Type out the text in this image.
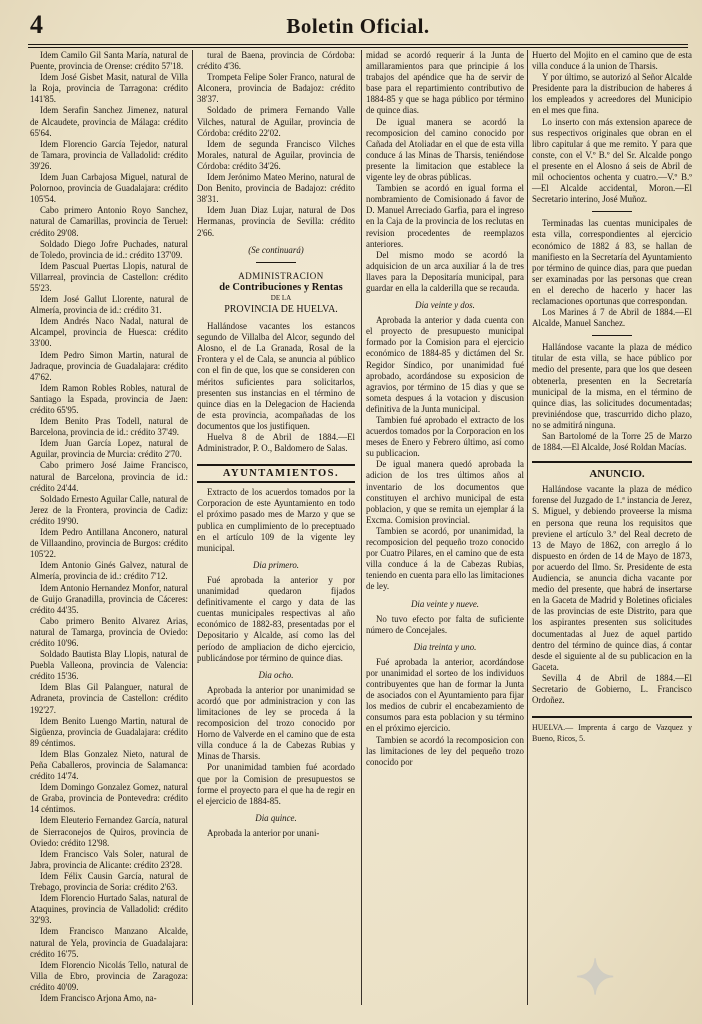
4	Boletin Oficial.

Idem Camilo Gil Santa María, natural de Puente, provincia de Orense: crédito 57'18.

Idem José Gisbet Masit, natural de Villa la Roja, provincia de Tarragona: crédito 141'85.

Idem Serafin Sanchez Jimenez, natural de Alcaudete, provincia de Málaga: crédito 65'64.

Idem Florencio García Tejedor, natural de Tamara, provincia de Valladolid: crédito 39'26.

Idem Juan Carbajosa Miguel, natural de Polornoo, provincia de Guadalajara: crédito 105'54.

Cabo primero Antonio Royo Sanchez, natural de Camarillas, provincia de Teruel: crédito 29'08.

Soldado Diego Jofre Puchades, natural de Toledo, provincia de id.: crédito 137'09.

Idem Pascual Puertas Llopis, natural de Villarreal, provincia de Castellon: crédito 55'23.

Idem José Gallut Llorente, natural de Almería, provincia de id.: crédito 31.

Idem Andrés Naco Nadal, natural de Alcampel, provincia de Huesca: crédito 33'00.

Idem Pedro Simon Martin, natural de Jadraque, provincia de Guadalajara: crédito 47'62.

Idem Ramon Robles Robles, natural de Santiago la Espada, provincia de Jaen: crédito 65'95.

Idem Benito Pras Todell, natural de Barcelona, provincia de id.: crédito 37'49.

Idem Juan García Lopez, natural de Aguilar, provincia de Murcia: crédito 2'70.

Cabo primero José Jaime Francisco, natural de Barcelona, provincia de id.: crédito 24'44.

Soldado Ernesto Aguilar Calle, natural de Jerez de la Frontera, provincia de Cadiz: crédito 19'90.

Idem Pedro Antillana Anconero, natural de Villaandino, provincia de Burgos: crédito 105'22.

Idem Antonio Ginés Galvez, natural de Almería, provincia de id.: crédito 7'12.

Idem Antonio Hernandez Monfor, natural de Guijo Granadilla, provincia de Cáceres: crédito 44'35.

Cabo primero Benito Alvarez Arias, natural de Tamarga, provincia de Oviedo: crédito 10'96.

Soldado Bautista Blay Llopis, natural de Puebla Valleona, provincia de Valencia: crédito 15'36.

Idem Blas Gil Palanguer, natural de Adraneta, provincia de Castellon: crédito 192'27.

Idem Benito Luengo Martin, natural de Sigüenza, provincia de Guadalajara: crédito 89 céntimos.

Idem Blas Gonzalez Nieto, natural de Peña Caballeros, provincia de Salamanca: crédito 14'74.

Idem Domingo Gonzalez Gomez, natural de Graba, provincia de Pontevedra: crédito 14 céntimos.

Idem Eleuterio Fernandez García, natural de Sierraconejos de Quiros, provincia de Oviedo: crédito 12'98.

Idem Francisco Vals Soler, natural de Jabra, provincia de Alicante: crédito 23'28.

Idem Félix Causin García, natural de Trebago, provincia de Soria: crédito 2'63.

Idem Florencio Hurtado Salas, natural de Ataquines, provincia de Valladolid: crédito 32'93.

Idem Francisco Manzano Alcalde, natural de Yela, provincia de Guadalajara: crédito 16'75.

Idem Florencio Nicolás Tello, natural de Villa de Ebro, provincia de Zaragoza: crédito 40'09.

Idem Francisco Arjona Amo, na-

tural de Baena, provincia de Córdoba: crédito 4'36.

Trompeta Felipe Soler Franco, natural de Alconera, provincia de Badajoz: crédito 38'37.

Soldado de primera Fernando Valle Vilches, natural de Aguilar, provincia de Córdoba: crédito 22'02.

Idem de segunda Francisco Vilches Morales, natural de Aguilar, provincia de Córdoba: crédito 34'26.

Idem Jerónimo Mateo Merino, natural de Don Benito, provincia de Badajoz: crédito 38'31.

Idem Juan Diaz Lujar, natural de Dos Hermanas, provincia de Sevilla: crédito 2'66.

(Se continuará)

ADMINISTRACION

de Contribuciones y Rentas

DE LA

PROVINCIA DE HUELVA.

Hallándose vacantes los estancos segundo de Villalba del Alcor, segundo del Alosno, el de La Granada, Rosal de la Frontera y el de Cala, se anuncia al público con el fin de que, los que se consideren con méritos suficientes para solicitarlos, presenten sus instancias en el término de quince dias en la Delegacion de Hacienda de esta provincia, acompañadas de los documentos que los justifiquen.

Huelva 8 de Abril de 1884.—El Administrador, P. O., Baldomero de Salas.

AYUNTAMIENTOS.

Extracto de los acuerdos tomados por la Corporacion de este Ayuntamiento en todo el próximo pasado mes de Marzo y que se publica en cumplimiento de lo preceptuado en el artículo 109 de la vigente ley municipal.

Dia primero.

Fué aprobada la anterior y por unanimidad quedaron fijados definitivamente el cargo y data de las cuentas municipales respectivas al año económico de 1882-83, presentadas por el Depositario y Alcalde, así como las del período de ampliacion de dicho ejercicio, publicándose por término de quince dias.

Dia ocho.

Aprobada la anterior por unanimidad se acordó que por administracion y con las limitaciones de ley se proceda á la recomposicion del trozo conocido por Horno de Valverde en el camino que de esta villa conduce á la de Cabezas Rubias y Minas de Tharsis.

Por unanimidad tambien fué acordado que por la Comision de presupuestos se forme el proyecto para el que ha de regir en el ejercicio de 1884-85.

Dia quince.

Aprobada la anterior por unani-

midad se acordó requerir á la Junta de amillaramientos para que principie á los trabajos del apéndice que ha de servir de base para el repartimiento contributivo de 1884-85 y que se haga público por término de quince dias.

De igual manera se acordó la recomposicion del camino conocido por Cañada del Atoliadar en el que de esta villa conduce á las Minas de Tharsis, teniéndose presente la limitacion que establece la vigente ley de obras públicas.

Tambien se acordó en igual forma el nombramiento de Comisionado á favor de D. Manuel Arreciado Garfia, para el ingreso en la Caja de la provincia de los reclutas en revision procedentes de reemplazos anteriores.

Del mismo modo se acordó la adquisicion de un arca auxiliar á la de tres llaves para la Depositaría municipal, para guardar en ella la calderilla que se recauda.

Dia veinte y dos.

Aprobada la anterior y dada cuenta con el proyecto de presupuesto municipal formado por la Comision para el ejercicio económico de 1884-85 y dictámen del Sr. Regidor Síndico, por unanimidad fué aprobado, acordándose su exposicion de agravios, por término de 15 dias y que se someta despues á la votacion y discusion definitiva de la Junta municipal.

Tambien fué aprobado el extracto de los acuerdos tomados por la Corporacion en los meses de Enero y Febrero último, así como su publicacion.

De igual manera quedó aprobada la adicion de los tres últimos años al inventario de los documentos que constituyen el archivo municipal de esta poblacion, y que se remita un ejemplar á la Excma. Comision provincial.

Tambien se acordó, por unanimidad, la recomposicion del pequeño trozo conocido por Cuatro Pilares, en el camino que de esta villa conduce á la de Cabezas Rubias, teniendo en cuenta para ello las limitaciones de ley.

Dia veinte y nueve.

No tuvo efecto por falta de suficiente número de Concejales.

Dia treinta y uno.

Fué aprobada la anterior, acordándose por unanimidad el sorteo de los individuos contribuyentes que han de formar la Junta de asociados con el Ayuntamiento para fijar los medios de cubrir el encabezamiento de consumos para esta poblacion y su término en el próximo ejercicio.

Tambien se acordó la recomposicion con las limitaciones de ley del pequeño trozo conocido por

Huerto del Mojito en el camino que de esta villa conduce á la union de Tharsis.

Y por último, se autorizó al Señor Alcalde Presidente para la distribucion de haberes á los empleados y acreedores del Municipio en el mes que fina.

Lo inserto con más extension aparece de sus respectivos originales que obran en el libro capitular á que me remito. Y para que conste, con el V.º B.º del Sr. Alcalde pongo el presente en el Alosno á seis de Abril de mil ochocientos ochenta y cuatro.—V.º B.º—El Alcalde accidental, Moron.—El Secretario interino, José Muñoz.

Terminadas las cuentas municipales de esta villa, correspondientes al ejercicio económico de 1882 á 83, se hallan de manifiesto en la Secretaría del Ayuntamiento por término de quince dias, para que puedan ser examinadas por las personas que crean en el derecho de hacerlo y hacer las reclamaciones oportunas que correspondan.

Los Marines á 7 de Abril de 1884.—El Alcalde, Manuel Sanchez.

Hallándose vacante la plaza de médico titular de esta villa, se hace público por medio del presente, para que los que deseen obtenerla, presenten en la Secretaría municipal de la misma, en el término de quince dias, las solicitudes documentadas; previniéndose que, trascurrido dicho plazo, no se admitirá ninguna.

San Bartolomé de la Torre 25 de Marzo de 1884.—El Alcalde, José Roldan Macías.

ANUNCIO.

Hallándose vacante la plaza de médico forense del Juzgado de 1.ª instancia de Jerez, S. Miguel, y debiendo proveerse la misma en persona que reuna los requisitos que previene el artículo 3.º del Real decreto de 13 de Mayo de 1862, con arreglo á lo dispuesto en órden de 14 de Mayo de 1873, por acuerdo del Ilmo. Sr. Presidente de esta Audiencia, se anuncia dicha vacante por medio del presente, que habrá de insertarse en la Gaceta de Madrid y Boletines oficiales de las provincias de este Distrito, para que los aspirantes presenten sus solicitudes documentadas al Juez de aquel partido dentro del término de quince dias, á contar desde el siguiente al de su publicacion en la Gaceta.

Sevilla 4 de Abril de 1884.—El Secretario de Gobierno, L. Francisco Ordoñez.

HUELVA.— Imprenta á cargo de Vazquez y Bueno, Ricos, 5.

✦
